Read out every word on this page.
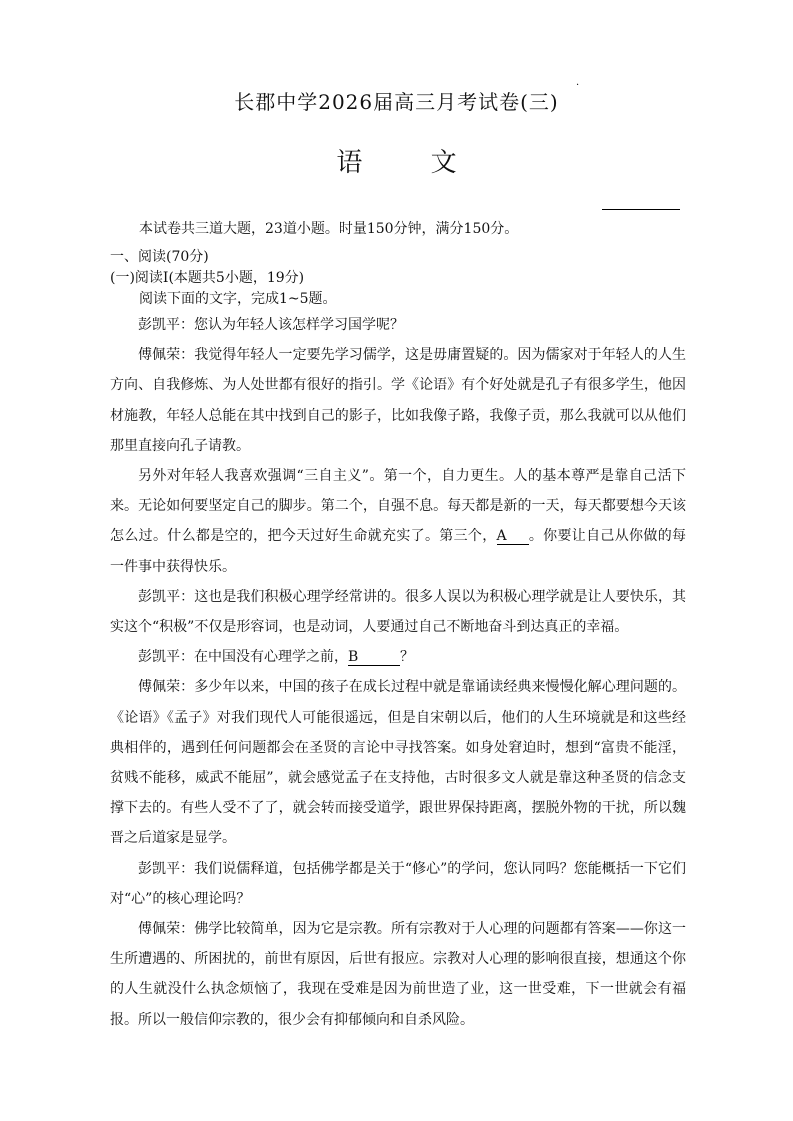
长郡中学2026届高三月考试卷(三)
·
语 文
本试卷共三道大题，23道小题。时量150分钟，满分150分。
一、阅读(70分)
(一)阅读Ⅰ(本题共5小题，19分)
阅读下面的文字，完成1~5题。

彭凯平：您认为年轻人该怎样学习国学呢？

傅佩荣：我觉得年轻人一定要先学习儒学，这是毋庸置疑的。因为儒家对于年轻人的人生方向、自我修炼、为人处世都有很好的指引。学《论语》有个好处就是孔子有很多学生，他因材施教，年轻人总能在其中找到自己的影子，比如我像子路，我像子贡，那么我就可以从他们那里直接向孔子请教。

另外对年轻人我喜欢强调“三自主义”。第一个，自力更生。人的基本尊严是靠自己活下来。无论如何要坚定自己的脚步。第二个，自强不息。每天都是新的一天，每天都要想今天该怎么过。什么都是空的，把今天过好生命就充实了。第三个，A 。你要让自己从你做的每一件事中获得快乐。

彭凯平：这也是我们积极心理学经常讲的。很多人误以为积极心理学就是让人要快乐，其实这个“积极”不仅是形容词，也是动词，人要通过自己不断地奋斗到达真正的幸福。

彭凯平：在中国没有心理学之前，B	？

傅佩荣：多少年以来，中国的孩子在成长过程中就是靠诵读经典来慢慢化解心理问题的。《论语》《孟子》对我们现代人可能很遥远，但是自宋朝以后，他们的人生环境就是和这些经典相伴的，遇到任何问题都会在圣贤的言论中寻找答案。如身处窘迫时，想到“富贵不能淫，贫贱不能移，威武不能屈”，就会感觉孟子在支持他，古时很多文人就是靠这种圣贤的信念支撑下去的。有些人受不了了，就会转而接受道学，跟世界保持距离，摆脱外物的干扰，所以魏晋之后道家是显学。

彭凯平：我们说儒释道，包括佛学都是关于“修心”的学问，您认同吗？您能概括一下它们对“心”的核心理论吗？

傅佩荣：佛学比较简单，因为它是宗教。所有宗教对于人心理的问题都有答案——你这一生所遭遇的、所困扰的，前世有原因，后世有报应。宗教对人心理的影响很直接，想通这个你的人生就没什么执念烦恼了，我现在受难是因为前世造了业，这一世受难，下一世就会有福报。所以一般信仰宗教的，很少会有抑郁倾向和自杀风险。
